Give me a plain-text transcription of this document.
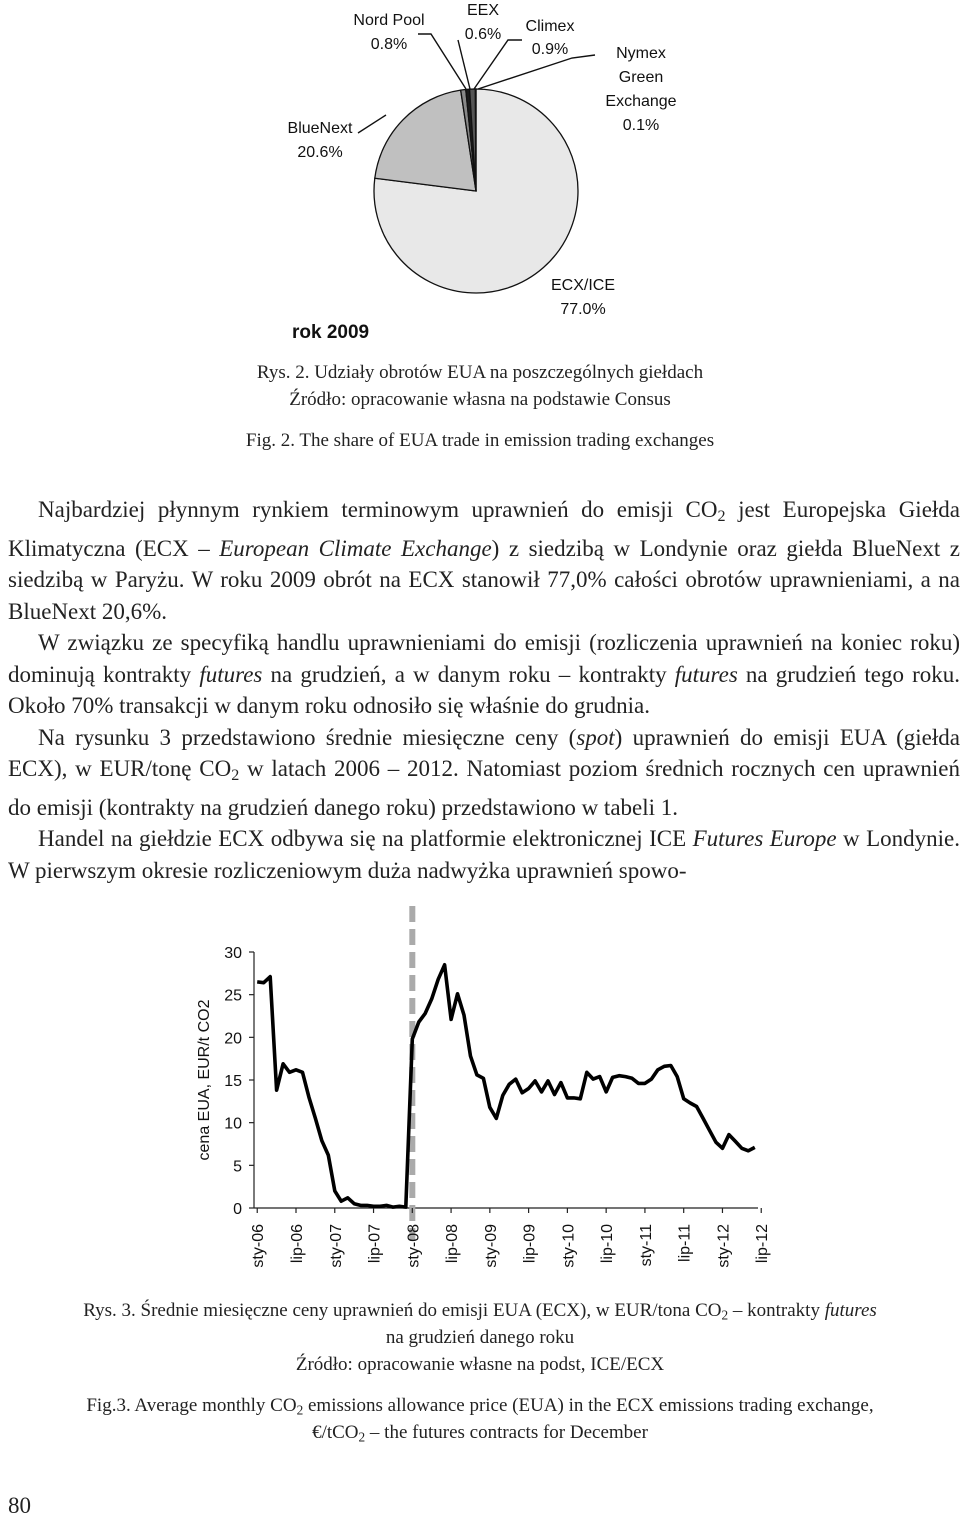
Nord Pool
0.8%
EEX
0.6% Climex
0.9%	Nymex
Green
Exchange
0.1%
BlueNext
20.6%
ECX/ICE
77.0%
rok 2009
Rys. 2. Udziały obrotów EUA na poszczególnych giełdach
Źródło: opracowanie własna na podstawie Consus
Fig. 2. The share of EUA trade in emission trading exchanges

Najbardziej płynnym rynkiem terminowym uprawnień do emisji $CO_2$ jest Europejska Giełda Klimatyczna (ECX – European Climate Exchange) z siedzibą w Londynie oraz giełda BlueNext z siedzibą w Paryżu. W roku 2009 obrót na ECX stanowił 77,0% całości obrotów uprawnieniami, a na BlueNext 20,6%.

W związku ze specyfiką handlu uprawnieniami do emisji (rozliczenia uprawnień na koniec roku) dominują kontrakty futures na grudzień, a w danym roku – kontrakty futures na grudzień tego roku. Około 70% transakcji w danym roku odnosiło się właśnie do grudnia.

Na rysunku 3 przedstawiono średnie miesięczne ceny (spot) uprawnień do emisji EUA (giełda ECX), w EUR/tonę $CO_2$ w latach 2006 – 2012. Natomiast poziom średnich rocznych cen uprawnień do emisji (kontrakty na grudzień danego roku) przedstawiono w tabeli 1.

Handel na giełdzie ECX odbywa się na platformie elektronicznej ICE Futures Europe w Londynie. W pierwszym okresie rozliczeniowym duża nadwyżka uprawnień spowo-

0
5
10
15
20
25
30
sty-06 lip-06 sty-07 lip-07 sty-08 lip-08 sty-09 lip-09 sty-10 lip-10 sty-11 lip-11 sty-12 lip-12
cena EUA, EUR/t CO2
Rys. 3. Średnie miesięczne ceny uprawnień do emisji EUA (ECX), w EUR/tona $CO_2$ – kontrakty futures
na grudzień danego roku
Źródło: opracowanie własne na podst, ICE/ECX
Fig.3. Average monthly $CO_2$ emissions allowance price (EUA) in the ECX emissions trading exchange,
€/tCO$_2$ – the futures contracts for December
80
